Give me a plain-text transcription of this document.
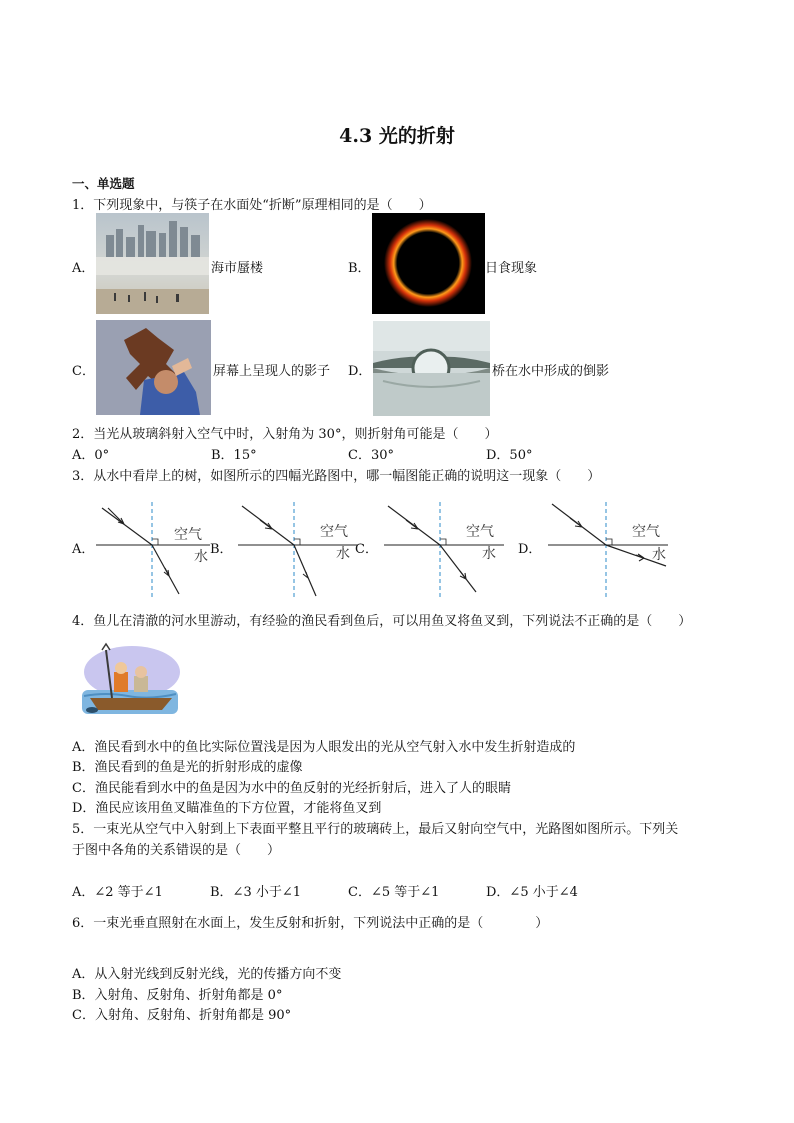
4.3 光的折射
一、单选题
1．下列现象中，与筷子在水面处“折断”原理相同的是（　　）
A．	海市蜃楼	B．	日食现象
C．	屏幕上呈现人的影子 D．	桥在水中形成的倒影
2．当光从玻璃斜射入空气中时，入射角为 30°，则折射角可能是（　　）
A．0°	B．15°	C．30°	D．50°
3．从水中看岸上的树，如图所示的四幅光路图中，哪一幅图能正确的说明这一现象（　　）
A．
空气
水 B．
空气
水 C．
空气
水 D．
空气
水
4．鱼儿在清澈的河水里游动，有经验的渔民看到鱼后，可以用鱼叉将鱼叉到，下列说法不正确的是（　　）
A．渔民看到水中的鱼比实际位置浅是因为人眼发出的光从空气射入水中发生折射造成的
B．渔民看到的鱼是光的折射形成的虚像
C．渔民能看到水中的鱼是因为水中的鱼反射的光经折射后，进入了人的眼睛
D．渔民应该用鱼叉瞄准鱼的下方位置，才能将鱼叉到
5．一束光从空气中入射到上下表面平整且平行的玻璃砖上，最后又射向空气中，光路图如图所示。下列关
于图中各角的关系错误的是（　　）
A．∠2 等于∠1	B．∠3 小于∠1	C．∠5 等于∠1	D．∠5 小于∠4
6．一束光垂直照射在水面上，发生反射和折射，下列说法中正确的是（　　　　）
A．从入射光线到反射光线，光的传播方向不变
B．入射角、反射角、折射角都是 0°
C．入射角、反射角、折射角都是 90°
